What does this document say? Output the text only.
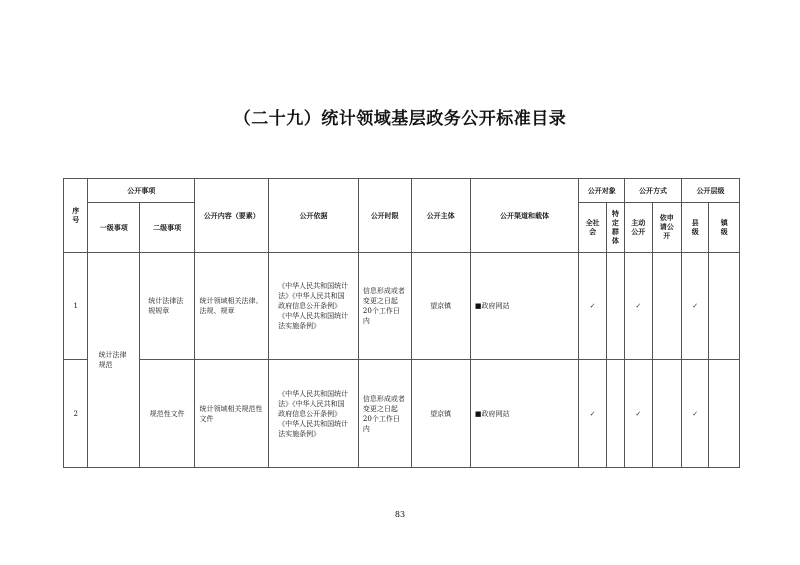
（二十九）统计领域基层政务公开标准目录
序号	公开事项		公开内容（要素）	公开依据	公开时限	公开主体	公开渠道和载体	公开对象		公开方式		公开层级	
	一级事项	二级事项						全社会	特定群体	主动公开	依申请公开	县级	镇级
1	统计法律规范	统计法律法规规章	统计领域相关法律、法规、规章	《中华人民共和国统计法》《中华人民共和国政府信息公开条例》《中华人民共和国统计法实施条例》	信息形成或者变更之日起20个工作日内	望京镇	■政府网站	✓		✓		✓	
2		规范性文件	统计领域相关规范性文件	《中华人民共和国统计法》《中华人民共和国政府信息公开条例》《中华人民共和国统计法实施条例》	信息形成或者变更之日起20个工作日内	望京镇	■政府网站	✓		✓		✓	
83
